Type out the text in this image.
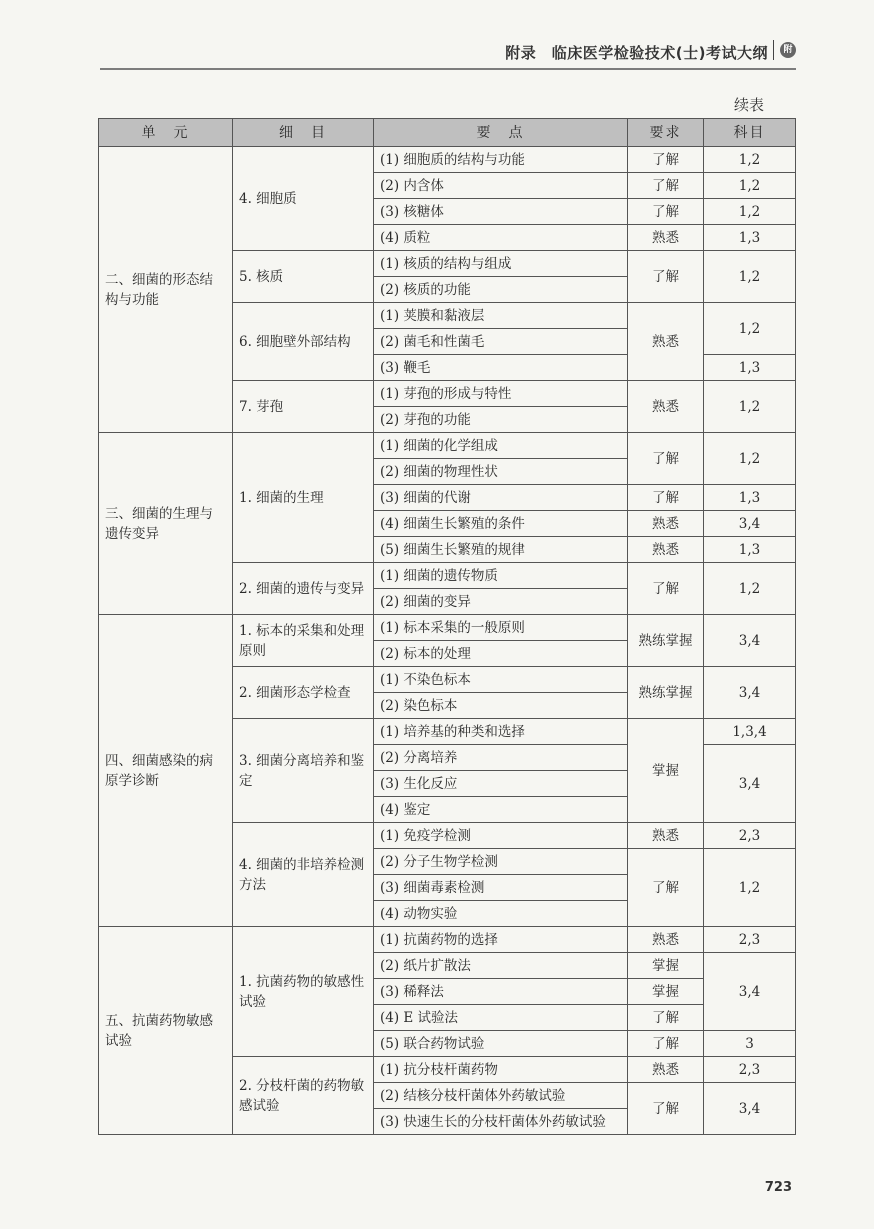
附录　临床医学检验技术(士)考试大纲	附
续表
单　元	细　目	要　点	要求	科目
二、细菌的形态结构与功能	4. 细胞质	(1) 细胞质的结构与功能	了解	1,2
		(2) 内含体	了解	1,2
		(3) 核糖体	了解	1,2
		(4) 质粒	熟悉	1,3
	5. 核质	(1) 核质的结构与组成	了解	1,2
		(2) 核质的功能		
	6. 细胞壁外部结构	(1) 荚膜和黏液层	熟悉	1,2
		(2) 菌毛和性菌毛		
		(3) 鞭毛		1,3
	7. 芽孢	(1) 芽孢的形成与特性	熟悉	1,2
		(2) 芽孢的功能		
三、细菌的生理与遗传变异	1. 细菌的生理	(1) 细菌的化学组成	了解	1,2
		(2) 细菌的物理性状		
		(3) 细菌的代谢	了解	1,3
		(4) 细菌生长繁殖的条件	熟悉	3,4
		(5) 细菌生长繁殖的规律	熟悉	1,3
	2. 细菌的遗传与变异	(1) 细菌的遗传物质	了解	1,2
		(2) 细菌的变异		
四、细菌感染的病原学诊断	1. 标本的采集和处理原则	(1) 标本采集的一般原则	熟练掌握	3,4
		(2) 标本的处理		
	2. 细菌形态学检查	(1) 不染色标本	熟练掌握	3,4
		(2) 染色标本		
	3. 细菌分离培养和鉴定	(1) 培养基的种类和选择	掌握	1,3,4
		(2) 分离培养		3,4
		(3) 生化反应		
		(4) 鉴定		
	4. 细菌的非培养检测方法	(1) 免疫学检测	熟悉	2,3
		(2) 分子生物学检测	了解	1,2
		(3) 细菌毒素检测		
		(4) 动物实验		
五、抗菌药物敏感试验	1. 抗菌药物的敏感性试验	(1) 抗菌药物的选择	熟悉	2,3
		(2) 纸片扩散法	掌握	3,4
		(3) 稀释法	掌握	
		(4) E 试验法	了解	
		(5) 联合药物试验	了解	3
	2. 分枝杆菌的药物敏感试验	(1) 抗分枝杆菌药物	熟悉	2,3
		(2) 结核分枝杆菌体外药敏试验	了解	3,4
		(3) 快速生长的分枝杆菌体外药敏试验		
723
